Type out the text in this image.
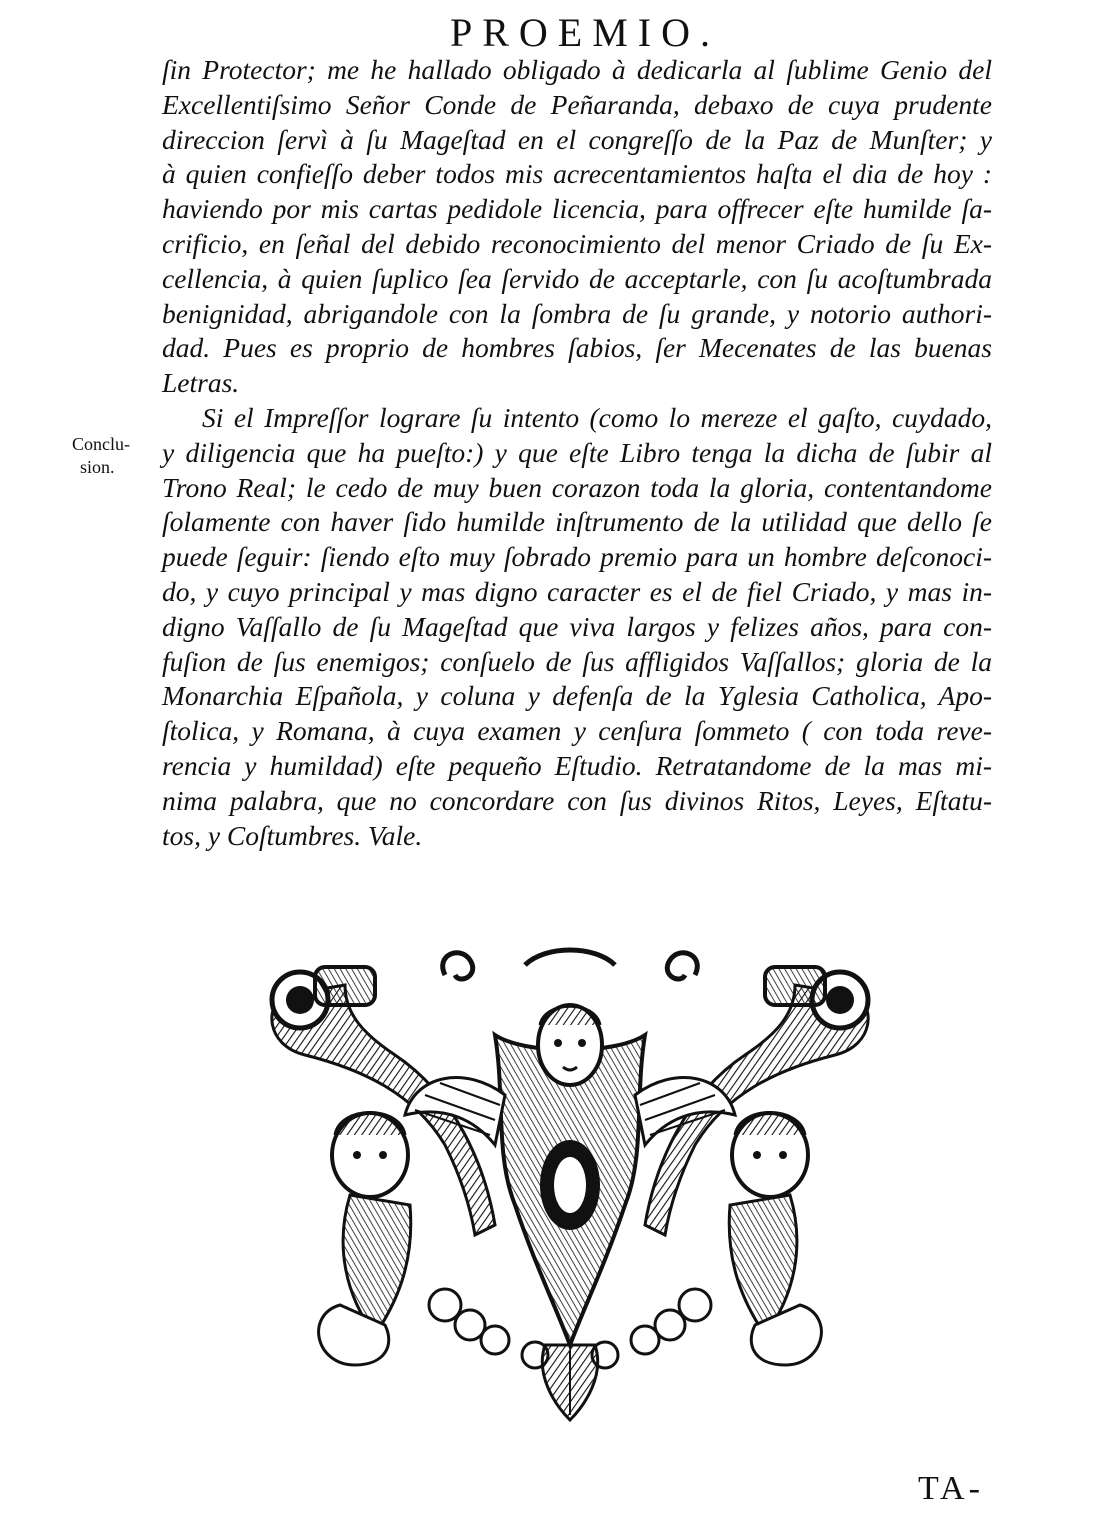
PROEMIO.
Conclu-
sion.
ſin Protector; me he hallado obligado à dedicarla al ſublime Genio del
Excellentiſsimo Señor Conde de Peñaranda, debaxo de cuya prudente
direccion ſervì à ſu Mageſtad en el congreſſo de la Paz de Munſter; y
à quien confieſſo deber todos mis acrecentamientos haſta el dia de hoy :
haviendo por mis cartas pedidole licencia, para offrecer eſte humilde ſa-
crificio, en ſeñal del debido reconocimiento del menor Criado de ſu Ex-
cellencia, à quien ſuplico ſea ſervido de acceptarle, con ſu acoſtumbrada
benignidad, abrigandole con la ſombra de ſu grande, y notorio authori-
dad. Pues es proprio de hombres ſabios, ſer Mecenates de las buenas
Letras.
Si el Impreſſor lograre ſu intento (como lo mereze el gaſto, cuydado,
y diligencia que ha pueſto:) y que eſte Libro tenga la dicha de ſubir al
Trono Real; le cedo de muy buen corazon toda la gloria, contentandome
ſolamente con haver ſido humilde inſtrumento de la utilidad que dello ſe
puede ſeguir: ſiendo eſto muy ſobrado premio para un hombre deſconoci-
do, y cuyo principal y mas digno caracter es el de fiel Criado, y mas in-
digno Vaſſallo de ſu Mageſtad que viva largos y felizes años, para con-
fuſion de ſus enemigos; conſuelo de ſus affligidos Vaſſallos; gloria de la
Monarchia Eſpañola, y coluna y defenſa de la Yglesia Catholica, Apo-
ſtolica, y Romana, à cuya examen y cenſura ſommeto ( con toda reve-
rencia y humildad) eſte pequeño Eſtudio. Retratandome de la mas mi-
nima palabra, que no concordare con ſus divinos Ritos, Leyes, Eſtatu-
tos, y Coſtumbres. Vale.
TA-
